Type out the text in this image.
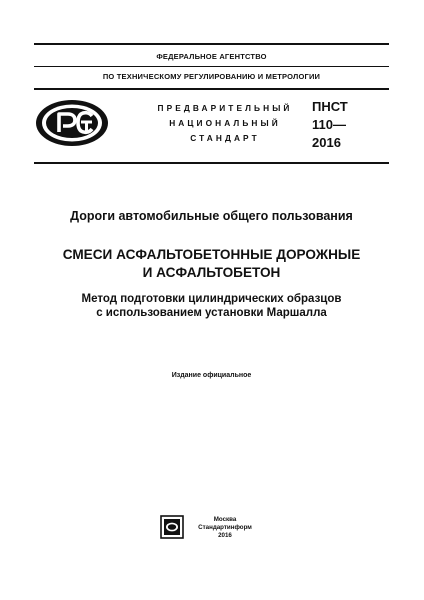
ФЕДЕРАЛЬНОЕ АГЕНТСТВО
ПО ТЕХНИЧЕСКОМУ РЕГУЛИРОВАНИЮ И МЕТРОЛОГИИ
ПРЕДВАРИТЕЛЬНЫЙ
НАЦИОНАЛЬНЫЙ
СТАНДАРТ
ПНСТ
110—
2016
Дороги автомобильные общего пользования
СМЕСИ АСФАЛЬТОБЕТОННЫЕ ДОРОЖНЫЕ
И АСФАЛЬТОБЕТОН
Метод подготовки цилиндрических образцов
с использованием установки Маршалла
Издание официальное
Москва
Стандартинформ
2016
